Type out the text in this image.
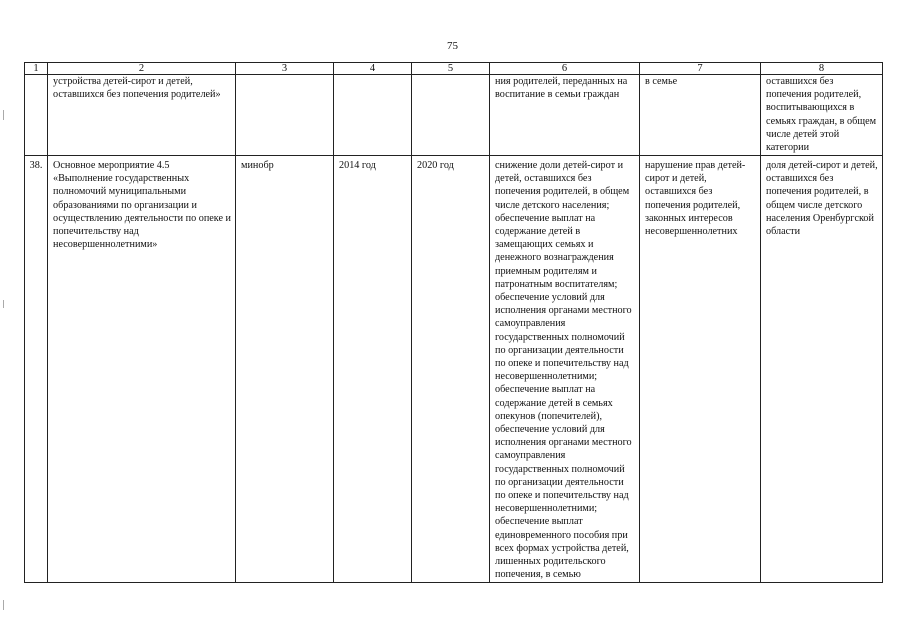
75
1	2	3	4	5	6	7	8
	устройства детей-сирот и детей, оставшихся без попечения родителей»				ния родителей, переданных на воспитание в семьи граждан	в семье	оставшихся без попечения родителей, воспитывающихся в семьях граждан, в общем числе детей этой категории
38.	Основное мероприятие 4.5 «Выполнение государственных полномочий муниципальными образованиями по организации и осуществлению деятельности по опеке и попечительству над несовершеннолетними»	минобр	2014 год	2020 год	снижение доли детей-сирот и детей, оставшихся без попечения родителей, в общем числе детского населения;
обеспечение выплат на содержание детей в замещающих семьях и денежного вознаграждения приемным родителям и патронатным воспитателям;
обеспечение условий для исполнения органами местного самоуправления государственных полномочий по организации деятельности по опеке и попечительству над несовершеннолетними;
обеспечение выплат на содержание детей в семьях опекунов (попечителей), обеспечение условий для исполнения органами местного самоуправления государственных полномочий по организации деятельности по опеке и попечительству над несовершеннолетними;
обеспечение выплат единовременного пособия при всех формах устройства детей, лишенных родительского попечения, в семью	нарушение прав детей-сирот и детей, оставшихся без попечения родителей, законных интересов несовершеннолетних	доля детей-сирот и детей, оставшихся без попечения родителей, в общем числе детского населения Оренбургской области
